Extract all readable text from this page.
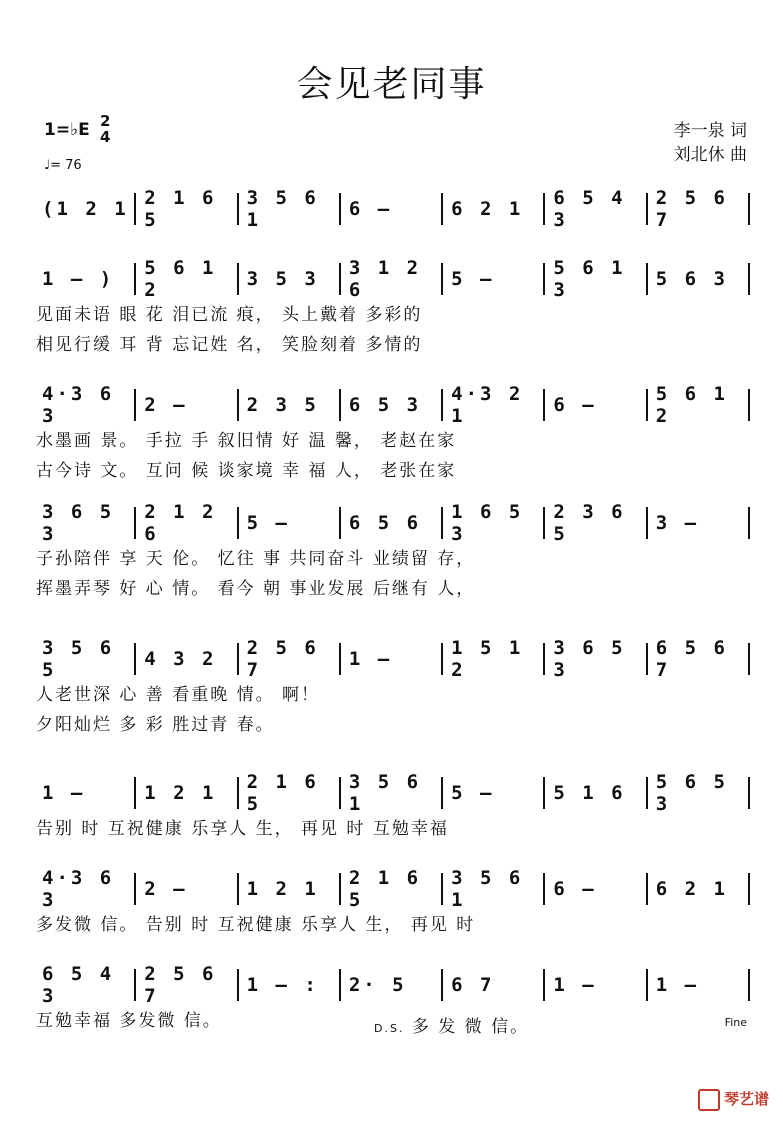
会见老同事
1=♭E 2
4
♩= 76
李一泉 词
刘北休 曲
(1 2 1 2 1 6 5
3 5 6 1	6 –	6 2 1	6 5 4 3
2 5 6 7
1 – )	5 6 1 2	3 5 3	3 1 2 6	5 –	5 6 1 3	5 6 3
见面未语 眼 花 泪已流 痕， 头上戴着 多彩的
相见行缓 耳 背 忘记姓 名， 笑脸刻着 多情的
4·3 6 3	2 –	2 3 5	6 5 3	4·3 2 1	6 –	5 6 1 2
水墨画 景。 手拉 手 叙旧情 好 温 馨， 老赵在家
古今诗 文。 互问 候 谈家境 幸 福 人， 老张在家
3 6 5 3
2 1 2 6	5 –	6 5 6	1 6 5 3
2 3 6 5	3 –
子孙陪伴 享 天 伦。 忆往 事 共同奋斗 业绩留 存，
挥墨弄琴 好 心 情。 看今 朝 事业发展 后继有 人，
3 5 6 5	4 3 2	2 5 6 7	1 –	1 5 1 2
3 6 5 3
6 5 6 7
人老世深 心 善 看重晚 情。 啊！
夕阳灿烂 多 彩 胜过青 春。
1 –	1 2 1	2 1 6 5
3 5 6 1	5 –	5 1 6	5 6 5 3
告别 时 互祝健康 乐享人 生， 再见 时 互勉幸福
4·3 6 3	2 –	1 2 1	2 1 6 5
3 5 6 1	6 –	6 2 1
多发微 信。 告别 时 互祝健康 乐享人 生， 再见 时
6 5 4 3
2 5 6 7	1 – :	2· 5	6 7	1 –	1 –
互勉幸福 多发微 信。	D.S. 多 发 微 信。	Fine
琴艺谱
